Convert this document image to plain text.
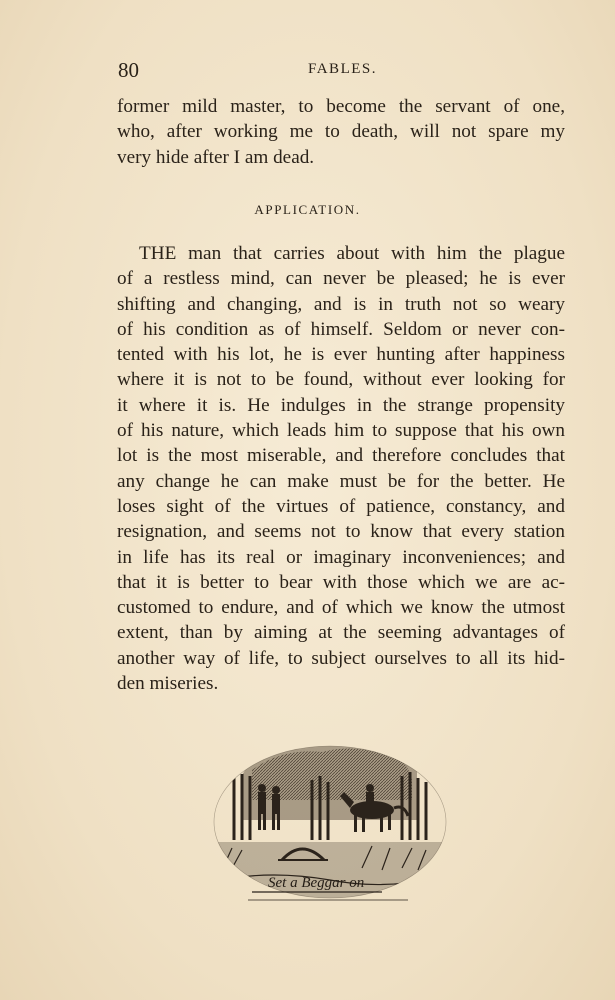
80	FABLES.
former mild master, to become the servant of one,
who, after working me to death, will not spare my
very hide after I am dead.
APPLICATION.
THE man that carries about with him the plague
of a restless mind, can never be pleased; he is ever
shifting and changing, and is in truth not so weary
of his condition as of himself. Seldom or never con-
tented with his lot, he is ever hunting after happiness
where it is not to be found, without ever looking for
it where it is. He indulges in the strange propensity
of his nature, which leads him to suppose that his own
lot is the most miserable, and therefore concludes that
any change he can make must be for the better. He
loses sight of the virtues of patience, constancy, and
resignation, and seems not to know that every station
in life has its real or imaginary inconveniences; and
that it is better to bear with those which we are ac-
customed to endure, and of which we know the utmost
extent, than by aiming at the seeming advantages of
another way of life, to subject ourselves to all its hid-
den miseries.
Set a Beggar on
